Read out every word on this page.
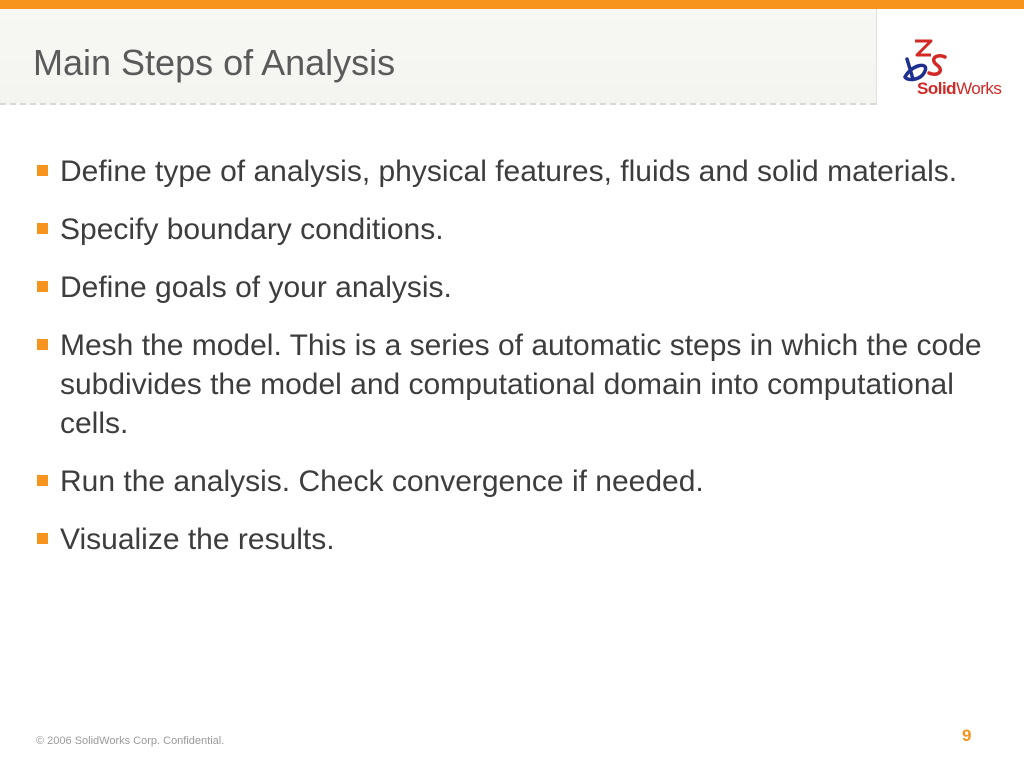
Main Steps of Analysis
SolidWorks
Define type of analysis, physical features, fluids and solid materials.
Specify boundary conditions.
Define goals of your analysis.
Mesh the model. This is a series of automatic steps in which the code subdivides the model and computational domain into computational cells.
Run the analysis. Check convergence if needed.
Visualize the results.
© 2006 SolidWorks Corp. Confidential.	9
